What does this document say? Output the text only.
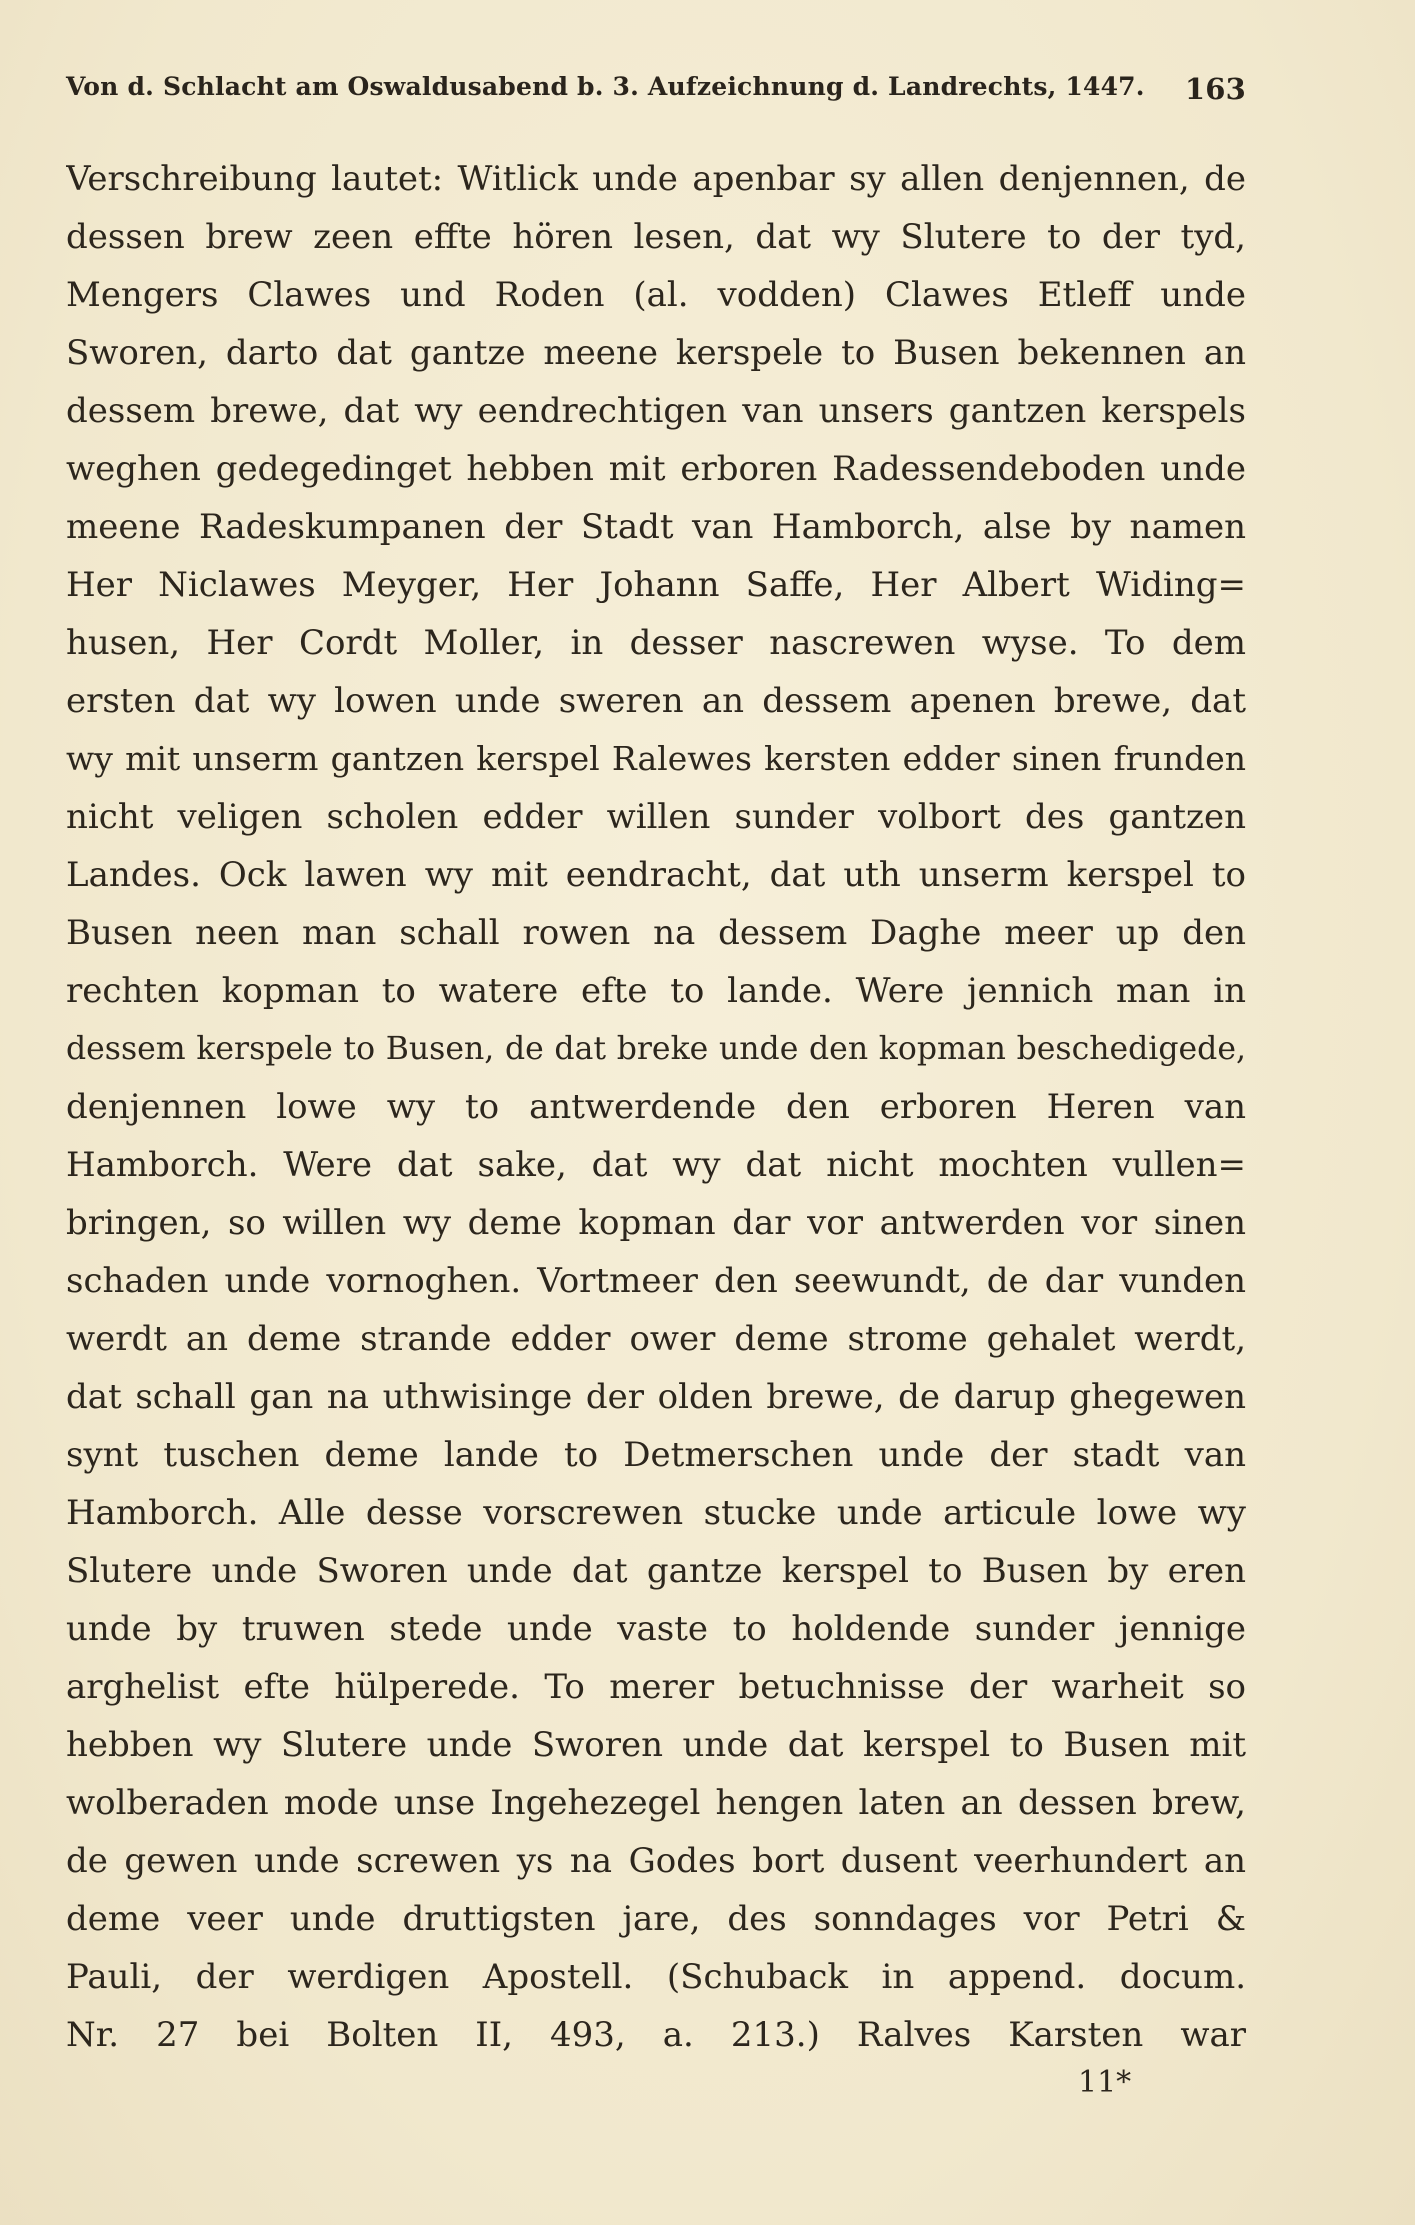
Von d. Schlacht am Oswaldusabend b. 3. Aufzeichnung d. Landrechts, 1447. 163
Verschreibung lautet: Witlick unde apenbar sy allen denjennen, de
dessen brew zeen effte hören lesen, dat wy Slutere to der tyd,
Mengers Clawes und Roden (al. vodden) Clawes Etleff unde
Sworen, darto dat gantze meene kerspele to Busen bekennen an
dessem brewe, dat wy eendrechtigen van unsers gantzen kerspels
weghen gedegedinget hebben mit erboren Radessendeboden unde
meene Radeskumpanen der Stadt van Hamborch, alse by namen
Her Niclawes Meyger, Her Johann Saffe, Her Albert Widing=
husen, Her Cordt Moller, in desser nascrewen wyse. To dem
ersten dat wy lowen unde sweren an dessem apenen brewe, dat
wy mit unserm gantzen kerspel Ralewes kersten edder sinen frunden
nicht veligen scholen edder willen sunder volbort des gantzen
Landes. Ock lawen wy mit eendracht, dat uth unserm kerspel to
Busen neen man schall rowen na dessem Daghe meer up den
rechten kopman to watere efte to lande. Were jennich man in
dessem kerspele to Busen, de dat breke unde den kopman beschedigede,
denjennen lowe wy to antwerdende den erboren Heren van
Hamborch. Were dat sake, dat wy dat nicht mochten vullen=
bringen, so willen wy deme kopman dar vor antwerden vor sinen
schaden unde vornoghen. Vortmeer den seewundt, de dar vunden
werdt an deme strande edder ower deme strome gehalet werdt,
dat schall gan na uthwisinge der olden brewe, de darup ghegewen
synt tuschen deme lande to Detmerschen unde der stadt van
Hamborch. Alle desse vorscrewen stucke unde articule lowe wy
Slutere unde Sworen unde dat gantze kerspel to Busen by eren
unde by truwen stede unde vaste to holdende sunder jennige
arghelist efte hülperede. To merer betuchnisse der warheit so
hebben wy Slutere unde Sworen unde dat kerspel to Busen mit
wolberaden mode unse Ingehezegel hengen laten an dessen brew,
de gewen unde screwen ys na Godes bort dusent veerhundert an
deme veer unde druttigsten jare, des sonndages vor Petri &
Pauli, der werdigen Apostell. (Schuback in append. docum.
Nr. 27 bei Bolten II, 493, a. 213.) Ralves Karsten war
11*
